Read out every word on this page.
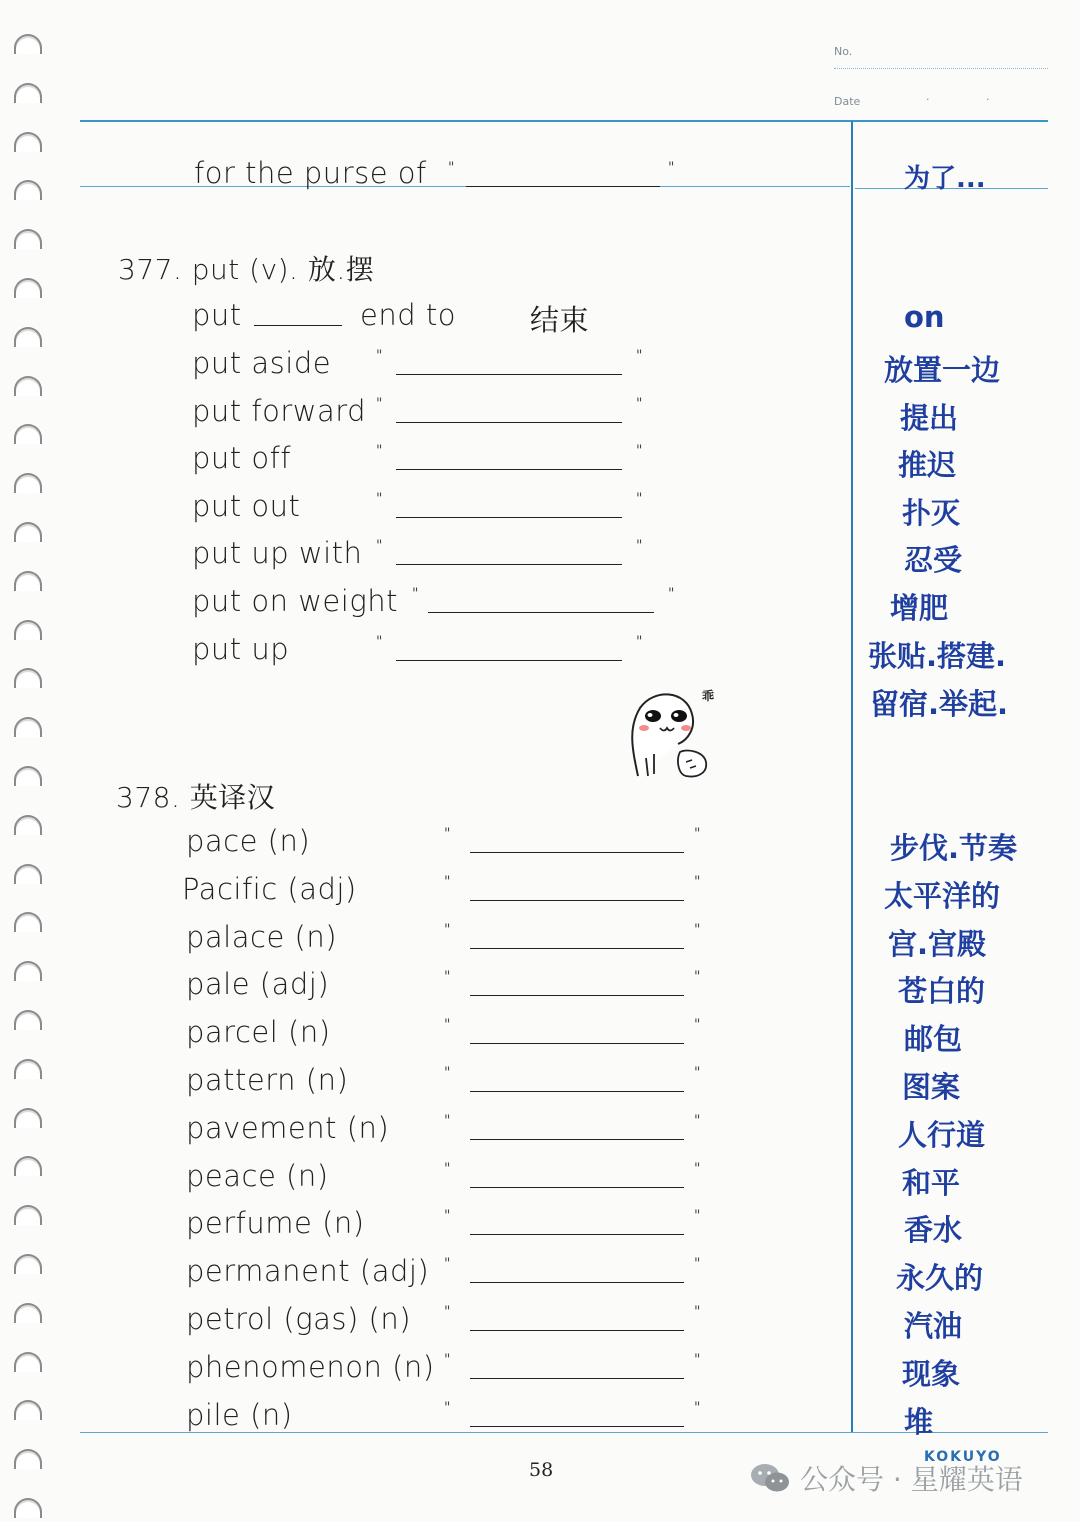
No.
Date	·	·
for the purse of "	"	为了...
377. put (v). 放.摆
put	end to	结束	on
put aside	"	"	放置一边
put forward "	"	提出
put off	"	"	推迟
put out	"	"	扑灭
put up with "	"	忍受
put on weight "	"	增肥
put up	"	"	张贴.搭建.
留宿.举起.
乖
378. 英译汉
pace (n)	"	"	步伐.节奏
Pacific (adj)	"	"	太平洋的
palace (n)	"	"	宫.宫殿
pale (adj)	"	"	苍白的
parcel (n)	"	"	邮包
pattern (n)	"	"	图案
pavement (n)	"	"	人行道
peace (n)	"	"	和平
perfume (n)	"	"	香水
permanent (adj) "	"	永久的
petrol (gas) (n) "	"	汽油
phenomenon (n) "	"	现象
pile (n)	"	"	堆
58
KOKUYO
公众号 · 星耀英语
